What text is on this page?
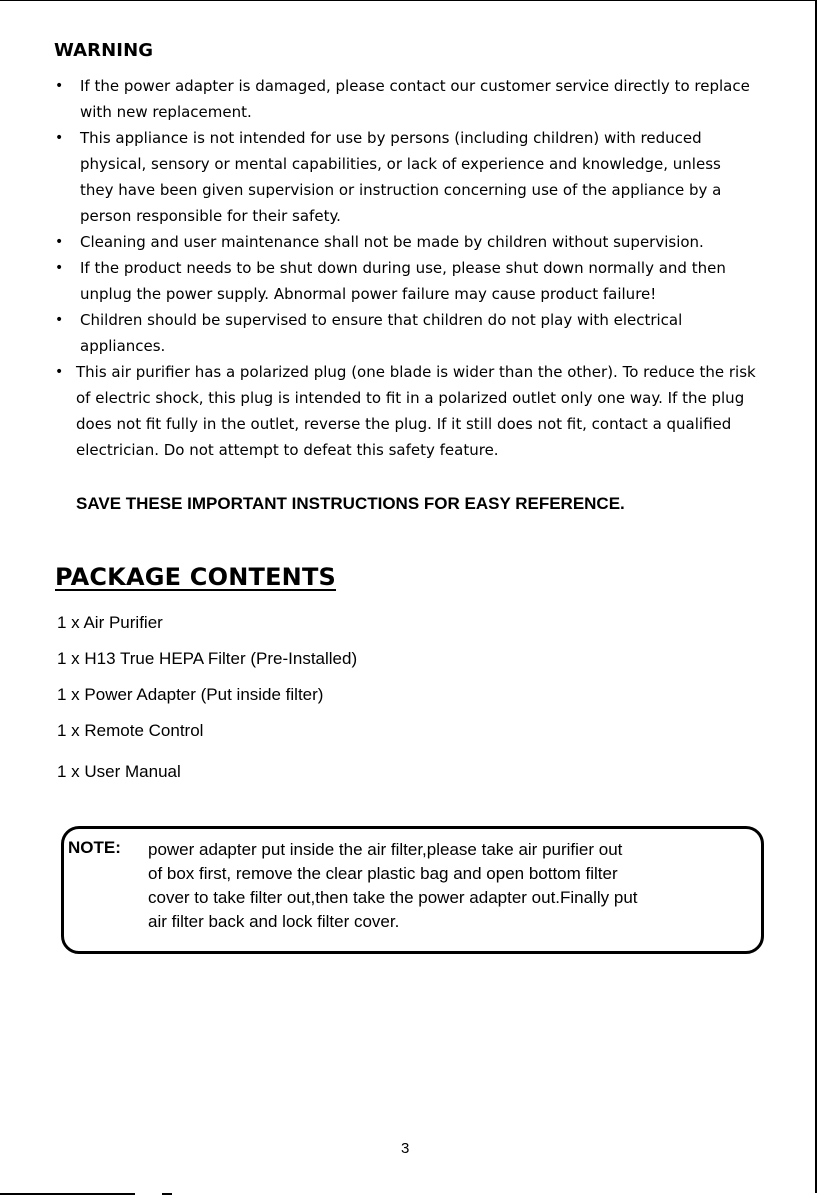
WARNING
•	If the power adapter is damaged, please contact our customer service directly to replace with new replacement.
•	This appliance is not intended for use by persons (including children) with reduced physical, sensory or mental capabilities, or lack of experience and knowledge, unless they have been given supervision or instruction concerning use of the appliance by a person responsible for their safety.
•	Cleaning and user maintenance shall not be made by children without supervision.
•	If the product needs to be shut down during use, please shut down normally and then unplug the power supply. Abnormal power failure may cause product failure!
•	Children should be supervised to ensure that children do not play with electrical appliances.
• This air purifier has a polarized plug (one blade is wider than the other). To reduce the risk of electric shock, this plug is intended to fit in a polarized outlet only one way. If the plug does not fit fully in the outlet, reverse the plug. If it still does not fit, contact a qualified electrician. Do not attempt to defeat this safety feature.
SAVE THESE IMPORTANT INSTRUCTIONS FOR EASY REFERENCE.
PACKAGE CONTENTS
1 x Air Purifier
1 x H13 True HEPA Filter (Pre-Installed)
1 x Power Adapter (Put inside filter)
1 x Remote Control
1 x User Manual
NOTE: power adapter put inside the air filter,please take air purifier out
of box first, remove the clear plastic bag and open bottom filter
cover to take filter out,then take the power adapter out.Finally put
air filter back and lock filter cover.
3
